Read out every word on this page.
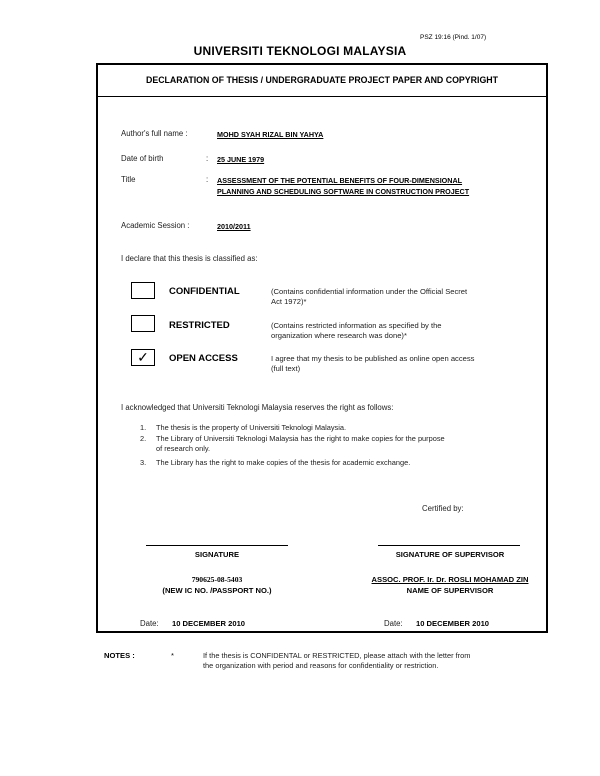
PSZ 19:16 (Pind. 1/07)
UNIVERSITI TEKNOLOGI MALAYSIA
DECLARATION OF THESIS / UNDERGRADUATE PROJECT PAPER AND COPYRIGHT
Author's full name :	MOHD SYAH RIZAL BIN YAHYA
Date of birth	: 25 JUNE 1979
Title	: ASSESSMENT OF THE POTENTIAL BENEFITS OF FOUR-DIMENSIONAL
PLANNING AND SCHEDULING SOFTWARE IN CONSTRUCTION PROJECT
Academic Session :	2010/2011
I declare that this thesis is classified as:
CONFIDENTIAL	(Contains confidential information under the Official Secret
Act 1972)*
RESTRICTED	(Contains restricted information as specified by the
organization where research was done)*
✓	OPEN ACCESS	I agree that my thesis to be published as online open access
(full text)
I acknowledged that Universiti Teknologi Malaysia reserves the right as follows:
1. The thesis is the property of Universiti Teknologi Malaysia.
2. The Library of Universiti Teknologi Malaysia has the right to make copies for the purpose
of research only.
3. The Library has the right to make copies of the thesis for academic exchange.
Certified by:
SIGNATURE	SIGNATURE OF SUPERVISOR
790625-08-5403
(NEW IC NO. /PASSPORT NO.)
ASSOC. PROF. Ir. Dr. ROSLI MOHAMAD ZIN
NAME OF SUPERVISOR
Date: 10 DECEMBER 2010	Date: 10 DECEMBER 2010
NOTES :	*	If the thesis is CONFIDENTAL or RESTRICTED, please attach with the letter from
the organization with period and reasons for confidentiality or restriction.
